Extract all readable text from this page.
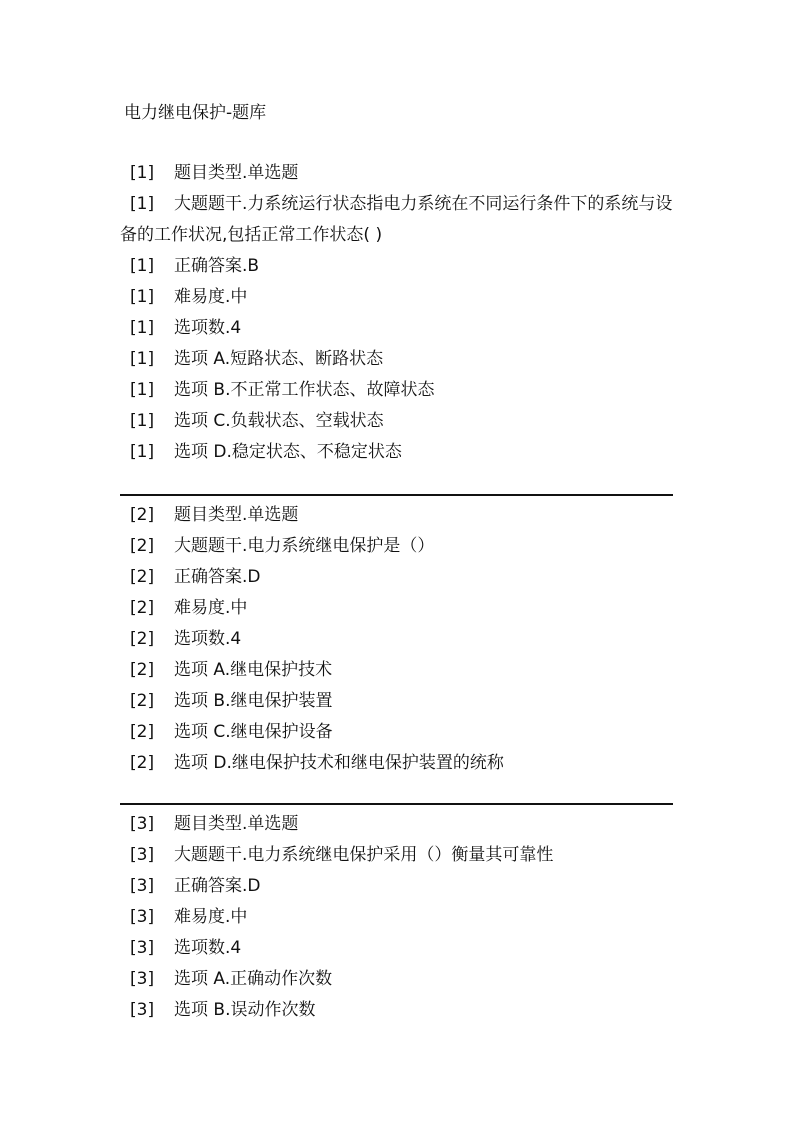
电力继电保护-题库
[1] 题目类型.单选题
[1]	大题题干.力系统运行状态指电力系统在不同运行条件下的系统与设备的工作状况,包括正常工作状态( )
[1] 正确答案.B
[1] 难易度.中
[1] 选项数.4
[1] 选项 A.短路状态、断路状态
[1] 选项 B.不正常工作状态、故障状态
[1] 选项 C.负载状态、空载状态
[1] 选项 D.稳定状态、不稳定状态
[2] 题目类型.单选题
[2] 大题题干.电力系统继电保护是（）
[2] 正确答案.D
[2] 难易度.中
[2] 选项数.4
[2] 选项 A.继电保护技术
[2] 选项 B.继电保护装置
[2] 选项 C.继电保护设备
[2] 选项 D.继电保护技术和继电保护装置的统称
[3] 题目类型.单选题
[3] 大题题干.电力系统继电保护采用（）衡量其可靠性
[3] 正确答案.D
[3] 难易度.中
[3] 选项数.4
[3] 选项 A.正确动作次数
[3] 选项 B.误动作次数
